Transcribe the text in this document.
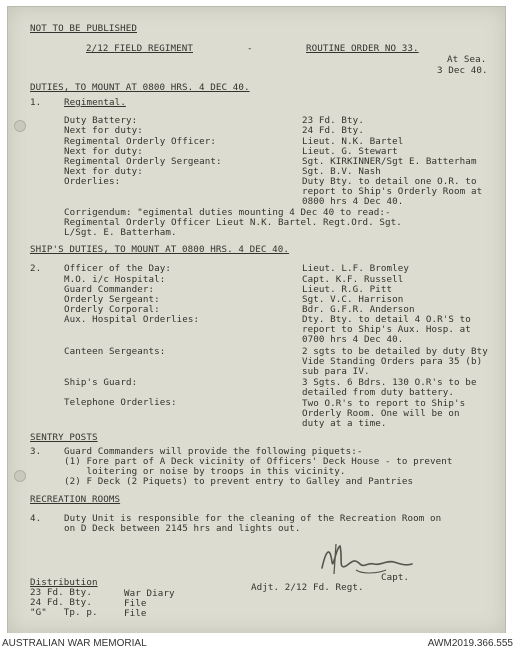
NOT TO BE PUBLISHED
2/12 FIELD REGIMENT	-	ROUTINE ORDER NO 33.
At Sea.
3 Dec 40.
DUTIES, TO MOUNT AT 0800 HRS. 4 DEC 40.
1. Regimental.
Duty Battery:	23 Fd. Bty.
Next for duty:	24 Fd. Bty.
Regimental Orderly Officer:	Lieut. N.K. Bartel
Next for duty:	Lieut. G. Stewart
Regimental Orderly Sergeant:	Sgt. KIRKINNER/Sgt E. Batterham
Next for duty:	Sgt. B.V. Nash
Orderlies:	Duty Bty. to detail one O.R. to
report to Ship's Orderly Room at
0800 hrs 4 Dec 40.
Corrigendum: "egimental duties mounting 4 Dec 40 to read:-
Regimental Orderly Officer Lieut N.K. Bartel. Regt.Ord. Sgt.
L/Sgt. E. Batterham.
SHIP'S DUTIES, TO MOUNT AT 0800 HRS. 4 DEC 40.
2. Officer of the Day:	Lieut. L.F. Bromley
M.O. i/c Hospital:	Capt. K.F. Russell
Guard Commander:	Lieut. R.G. Pitt
Orderly Sergeant:	Sgt. V.C. Harrison
Orderly Corporal:	Bdr. G.F.R. Anderson
Aux. Hospital Orderlies:	Dty. Bty. to detail 4 O.R'S to
report to Ship's Aux. Hosp. at
0700 hrs 4 Dec 40.
Canteen Sergeants:	2 sgts to be detailed by duty Bty
Vide Standing Orders para 35 (b)
sub para IV.
Ship's Guard:	3 Sgts. 6 Bdrs. 130 O.R's to be
detailed from duty battery.
Telephone Orderlies:	Two O.R's to report to Ship's
Orderly Room. One will be on
duty at a time.
SENTRY POSTS
3. Guard Commanders will provide the following piquets:-
(1) Fore part of A Deck vicinity of Officers' Deck House - to prevent
loitering or noise by troops in this vicinity.
(2) F Deck (2 Piquets) to prevent entry to Galley and Pantries
RECREATION ROOMS
4. Duty Unit is responsible for the cleaning of the Recreation Room on
on D Deck between 2145 hrs and lights out.
Capt.
Adjt. 2/12 Fd. Regt.
Distribution
23 Fd. Bty.
24 Fd. Bty.
"G"   Tp. p.
War Diary
File
File
AUSTRALIAN WAR MEMORIAL	AWM2019.366.555
